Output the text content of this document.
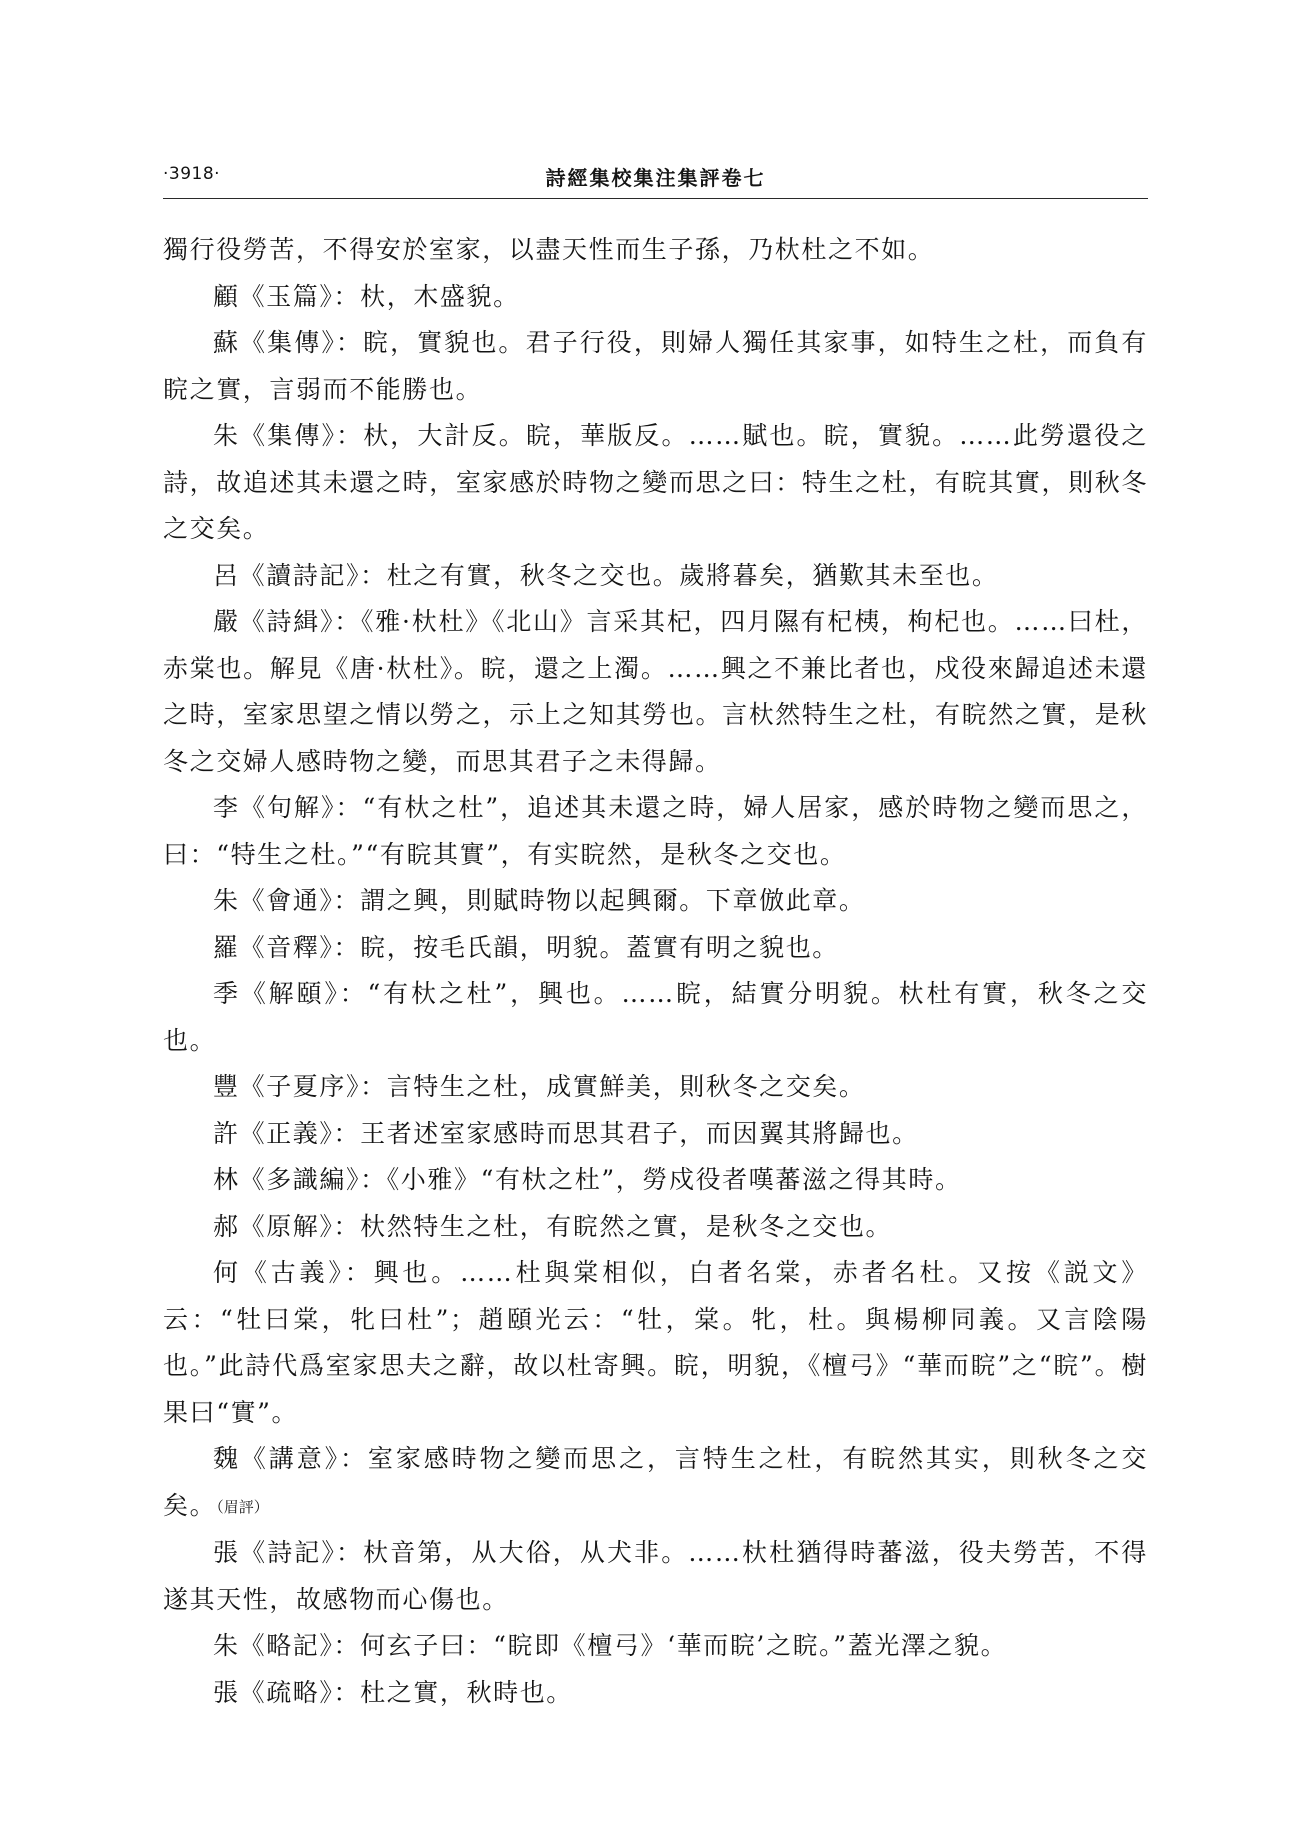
·3918·	詩經集校集注集評卷七

獨行役勞苦，不得安於室家，以盡天性而生子孫，乃杕杜之不如。

顧《玉篇》：杕，木盛貌。

蘇《集傳》：睆，實貌也。君子行役，則婦人獨任其家事，如特生之杜，而負有睆之實，言弱而不能勝也。

朱《集傳》：杕，大計反。睆，華版反。……賦也。睆，實貌。……此勞還役之詩，故追述其未還之時，室家感於時物之變而思之曰：特生之杜，有睆其實，則秋冬之交矣。

呂《讀詩記》：杜之有實，秋冬之交也。歲將暮矣，猶歎其未至也。

嚴《詩緝》：《雅·杕杜》《北山》言采其杞，四月隰有杞桋，枸杞也。……曰杜，赤棠也。解見《唐·杕杜》。睆，還之上濁。……興之不兼比者也，戍役來歸追述未還之時，室家思望之情以勞之，示上之知其勞也。言杕然特生之杜，有睆然之實，是秋冬之交婦人感時物之變，而思其君子之未得歸。

李《句解》：“有杕之杜”，追述其未還之時，婦人居家，感於時物之變而思之，曰：“特生之杜。”“有睆其實”，有实睆然，是秋冬之交也。

朱《會通》：謂之興，則賦時物以起興爾。下章倣此章。

羅《音釋》：睆，按毛氏韻，明貌。蓋實有明之貌也。

季《解頤》：“有杕之杜”，興也。……睆，結實分明貌。杕杜有實，秋冬之交也。

豐《子夏序》：言特生之杜，成實鮮美，則秋冬之交矣。

許《正義》：王者述室家感時而思其君子，而因翼其將歸也。

林《多識編》：《小雅》“有杕之杜”，勞戍役者嘆蕃滋之得其時。

郝《原解》：杕然特生之杜，有睆然之實，是秋冬之交也。

何《古義》：興也。……杜與棠相似，白者名棠，赤者名杜。又按《説文》云：“牡曰棠，牝曰杜”；趙頤光云：“牡，棠。牝，杜。與楊柳同義。又言陰陽也。”此詩代爲室家思夫之辭，故以杜寄興。睆，明貌，《檀弓》“華而睆”之“睆”。樹果曰“實”。

魏《講意》：室家感時物之變而思之，言特生之杜，有睆然其实，則秋冬之交矣。（眉評）

張《詩記》：杕音第，从大俗，从犬非。……杕杜猶得時蕃滋，役夫勞苦，不得遂其天性，故感物而心傷也。

朱《略記》：何玄子曰：“睆即《檀弓》‘華而睆’之睆。”蓋光澤之貌。

張《疏略》：杜之實，秋時也。
